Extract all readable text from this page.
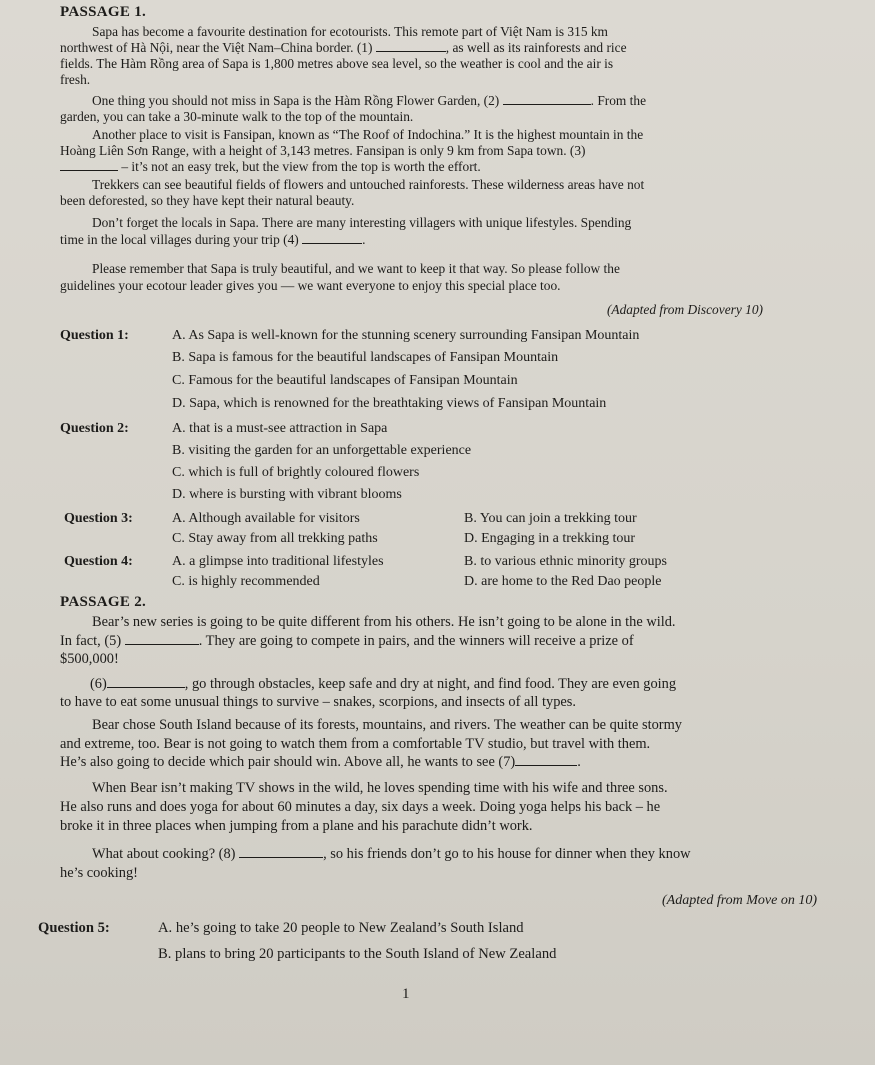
PASSAGE 1.
Sapa has become a favourite destination for ecotourists. This remote part of Việt Nam is 315 km
northwest of Hà Nội, near the Việt Nam–China border. (1)	, as well as its rainforests and rice
fields. The Hàm Rồng area of Sapa is 1,800 metres above sea level, so the weather is cool and the air is
fresh.
One thing you should not miss in Sapa is the Hàm Rồng Flower Garden, (2)	. From the
garden, you can take a 30-minute walk to the top of the mountain.
Another place to visit is Fansipan, known as “The Roof of Indochina.” It is the highest mountain in the
Hoàng Liên Sơn Range, with a height of 3,143 metres. Fansipan is only 9 km from Sapa town. (3)
– it’s not an easy trek, but the view from the top is worth the effort.
Trekkers can see beautiful fields of flowers and untouched rainforests. These wilderness areas have not
been deforested, so they have kept their natural beauty.
Don’t forget the locals in Sapa. There are many interesting villagers with unique lifestyles. Spending
time in the local villages during your trip (4)	.
Please remember that Sapa is truly beautiful, and we want to keep it that way. So please follow the
guidelines your ecotour leader gives you — we want everyone to enjoy this special place too.
(Adapted from Discovery 10)
Question 1:	A. As Sapa is well-known for the stunning scenery surrounding Fansipan Mountain
B. Sapa is famous for the beautiful landscapes of Fansipan Mountain
C. Famous for the beautiful landscapes of Fansipan Mountain
D. Sapa, which is renowned for the breathtaking views of Fansipan Mountain
Question 2:	A. that is a must-see attraction in Sapa
B. visiting the garden for an unforgettable experience
C. which is full of brightly coloured flowers
D. where is bursting with vibrant blooms
Question 3:	A. Although available for visitors	B. You can join a trekking tour
C. Stay away from all trekking paths	D. Engaging in a trekking tour
Question 4:	A. a glimpse into traditional lifestyles	B. to various ethnic minority groups
C. is highly recommended	D. are home to the Red Dao people
PASSAGE 2.
Bear’s new series is going to be quite different from his others. He isn’t going to be alone in the wild.
In fact, (5)	. They are going to compete in pairs, and the winners will receive a prize of
$500,000!
(6)	, go through obstacles, keep safe and dry at night, and find food. They are even going
to have to eat some unusual things to survive – snakes, scorpions, and insects of all types.
Bear chose South Island because of its forests, mountains, and rivers. The weather can be quite stormy
and extreme, too. Bear is not going to watch them from a comfortable TV studio, but travel with them.
He’s also going to decide which pair should win. Above all, he wants to see (7)	.
When Bear isn’t making TV shows in the wild, he loves spending time with his wife and three sons.
He also runs and does yoga for about 60 minutes a day, six days a week. Doing yoga helps his back – he
broke it in three places when jumping from a plane and his parachute didn’t work.
What about cooking? (8)	, so his friends don’t go to his house for dinner when they know
he’s cooking!
(Adapted from Move on 10)
Question 5:	A. he’s going to take 20 people to New Zealand’s South Island
B. plans to bring 20 participants to the South Island of New Zealand
1
